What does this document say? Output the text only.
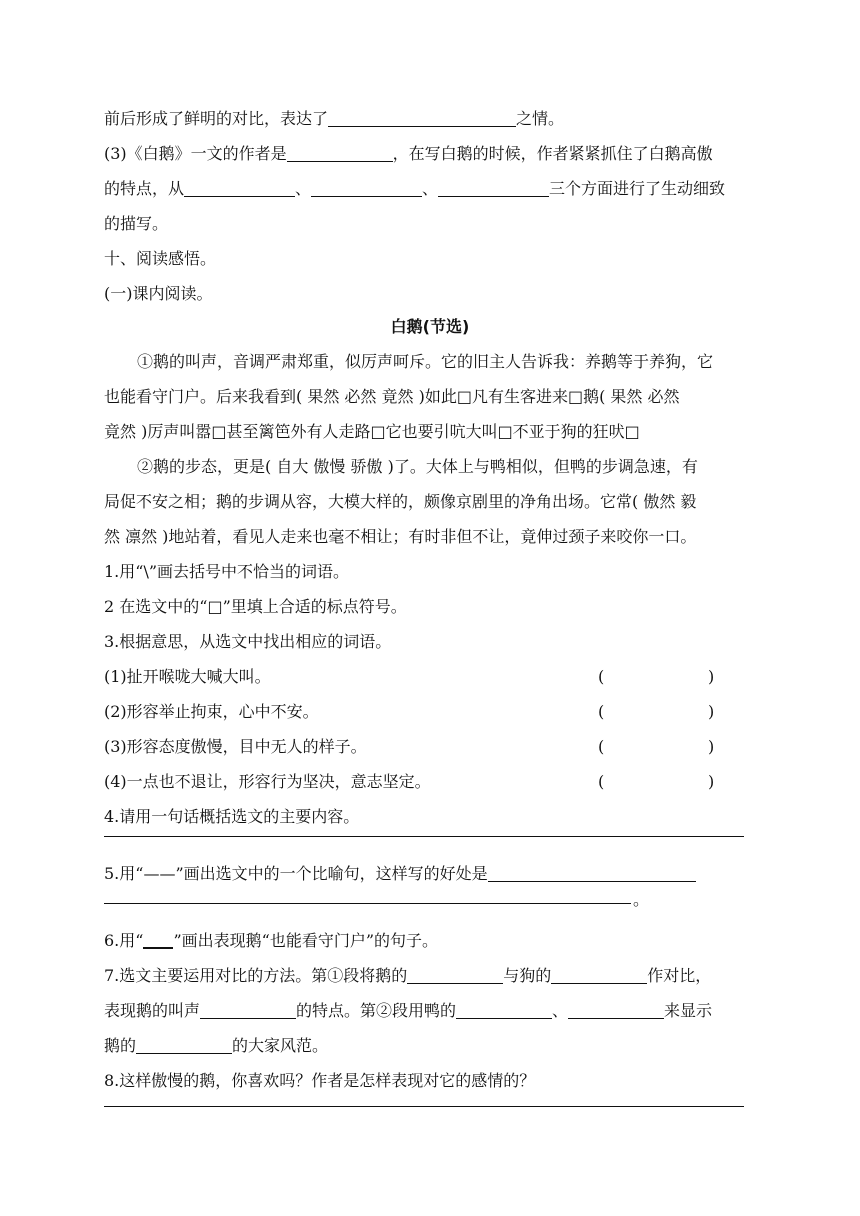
前后形成了鲜明的对比，表达了	之情。
(3)《白鹅》一文的作者是	，在写白鹅的时候，作者紧紧抓住了白鹅高傲
的特点，从	、	、	三个方面进行了生动细致
的描写。
十、阅读感悟。
(一)课内阅读。
白鹅(节选)
①鹅的叫声，音调严肃郑重，似厉声呵斥。它的旧主人告诉我：养鹅等于养狗，它
也能看守门户。后来我看到( 果然 必然 竟然 )如此□凡有生客进来□鹅( 果然 必然
竟然 )厉声叫嚣□甚至篱笆外有人走路□它也要引吭大叫□不亚于狗的狂吠□
②鹅的步态，更是( 自大 傲慢 骄傲 )了。大体上与鸭相似，但鸭的步调急速，有
局促不安之相；鹅的步调从容，大模大样的，颇像京剧里的净角出场。它常( 傲然 毅
然 凛然 )地站着，看见人走来也毫不相让；有时非但不让，竟伸过颈子来咬你一口。
1.用“\”画去括号中不恰当的词语。
2 在选文中的“□”里填上合适的标点符号。
3.根据意思，从选文中找出相应的词语。
(1)扯开喉咙大喊大叫。	(	)
(2)形容举止拘束，心中不安。	(	)
(3)形容态度傲慢，目中无人的样子。	(	)
(4)一点也不退让，形容行为坚决，意志坚定。	(	)
4.请用一句话概括选文的主要内容。
5.用“——”画出选文中的一个比喻句，这样写的好处是
。
6.用“ ”画出表现鹅“也能看守门户”的句子。
7.选文主要运用对比的方法。第①段将鹅的	与狗的	作对比，
表现鹅的叫声	的特点。第②段用鸭的	、	来显示
鹅的	的大家风范。
8.这样傲慢的鹅，你喜欢吗？作者是怎样表现对它的感情的？
